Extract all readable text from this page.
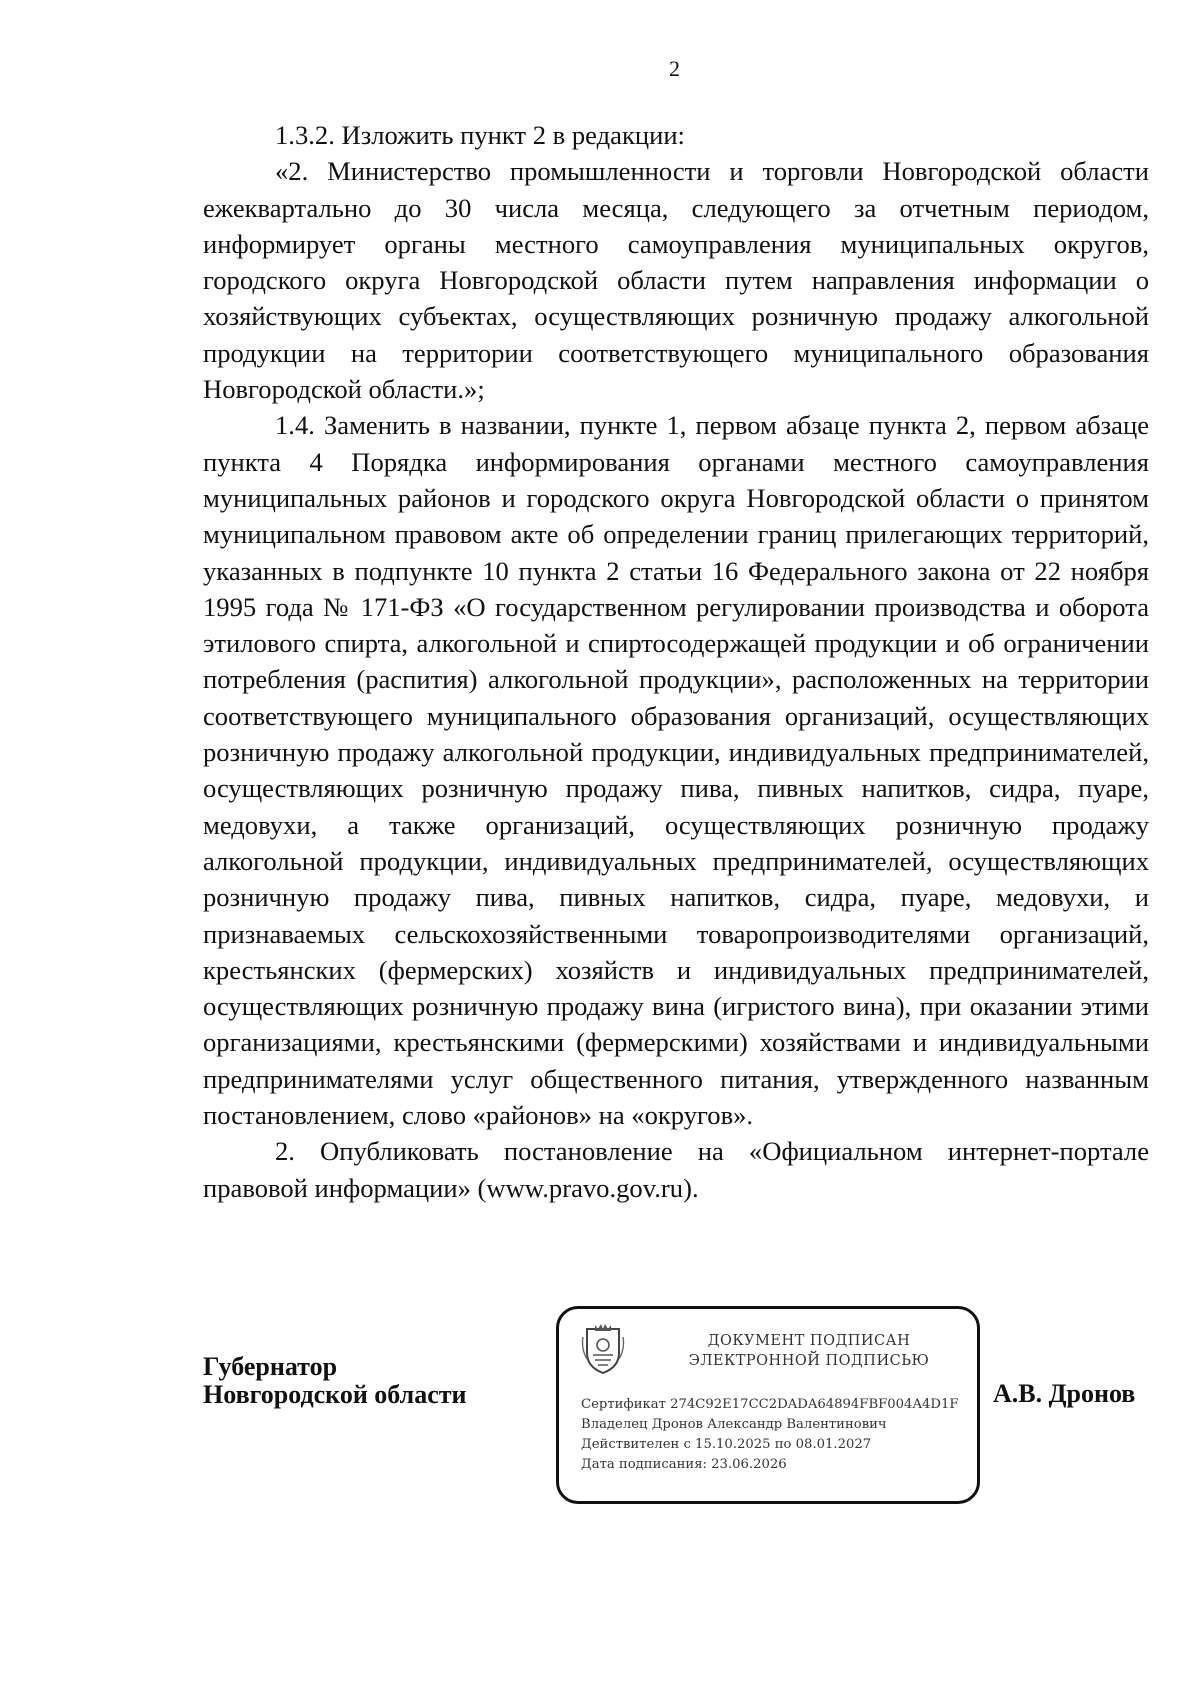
2

1.3.2. Изложить пункт 2 в редакции:

«2. Министерство промышленности и торговли Новгородской области ежеквартально до 30 числа месяца, следующего за отчетным периодом, информирует органы местного самоуправления муниципальных округов, городского округа Новгородской области путем направления информации о хозяйствующих субъектах, осуществляющих розничную продажу алкогольной продукции на территории соответствующего муниципального образования Новгородской области.»;

1.4. Заменить в названии, пункте 1, первом абзаце пункта 2, первом абзаце пункта 4 Порядка информирования органами местного самоуправления муниципальных районов и городского округа Новгородской области о принятом муниципальном правовом акте об определении границ прилегающих территорий, указанных в подпункте 10 пункта 2 статьи 16 Федерального закона от 22 ноября 1995 года № 171-ФЗ «О государственном регулировании производства и оборота этилового спирта, алкогольной и спиртосодержащей продукции и об ограничении потребления (распития) алкогольной продукции», расположенных на территории соответствующего муниципального образования организаций, осуществляющих розничную продажу алкогольной продукции, индивидуальных предпринимателей, осуществляющих розничную продажу пива, пивных напитков, сидра, пуаре, медовухи, а также организаций, осуществляющих розничную продажу алкогольной продукции, индивидуальных предпринимателей, осуществляющих розничную продажу пива, пивных напитков, сидра, пуаре, медовухи, и признаваемых сельскохозяйственными товаропроизводителями организаций, крестьянских (фермерских) хозяйств и индивидуальных предпринимателей, осуществляющих розничную продажу вина (игристого вина), при оказании этими организациями, крестьянскими (фермерскими) хозяйствами и индивидуальными предпринимателями услуг общественного питания, утвержденного названным постановлением, слово «районов» на «округов».

2. Опубликовать постановление на «Официальном интернет-портале правовой информации» (www.pravo.gov.ru).

Губернатор
Новгородской области
ДОКУМЕНТ ПОДПИСАН
ЭЛЕКТРОННОЙ ПОДПИСЬЮ
Сертификат 274C92E17CC2DADA64894FBF004A4D1F
Владелец Дронов Александр Валентинович
Действителен с 15.10.2025 по 08.01.2027
Дата подписания: 23.06.2026
А.В. Дронов
